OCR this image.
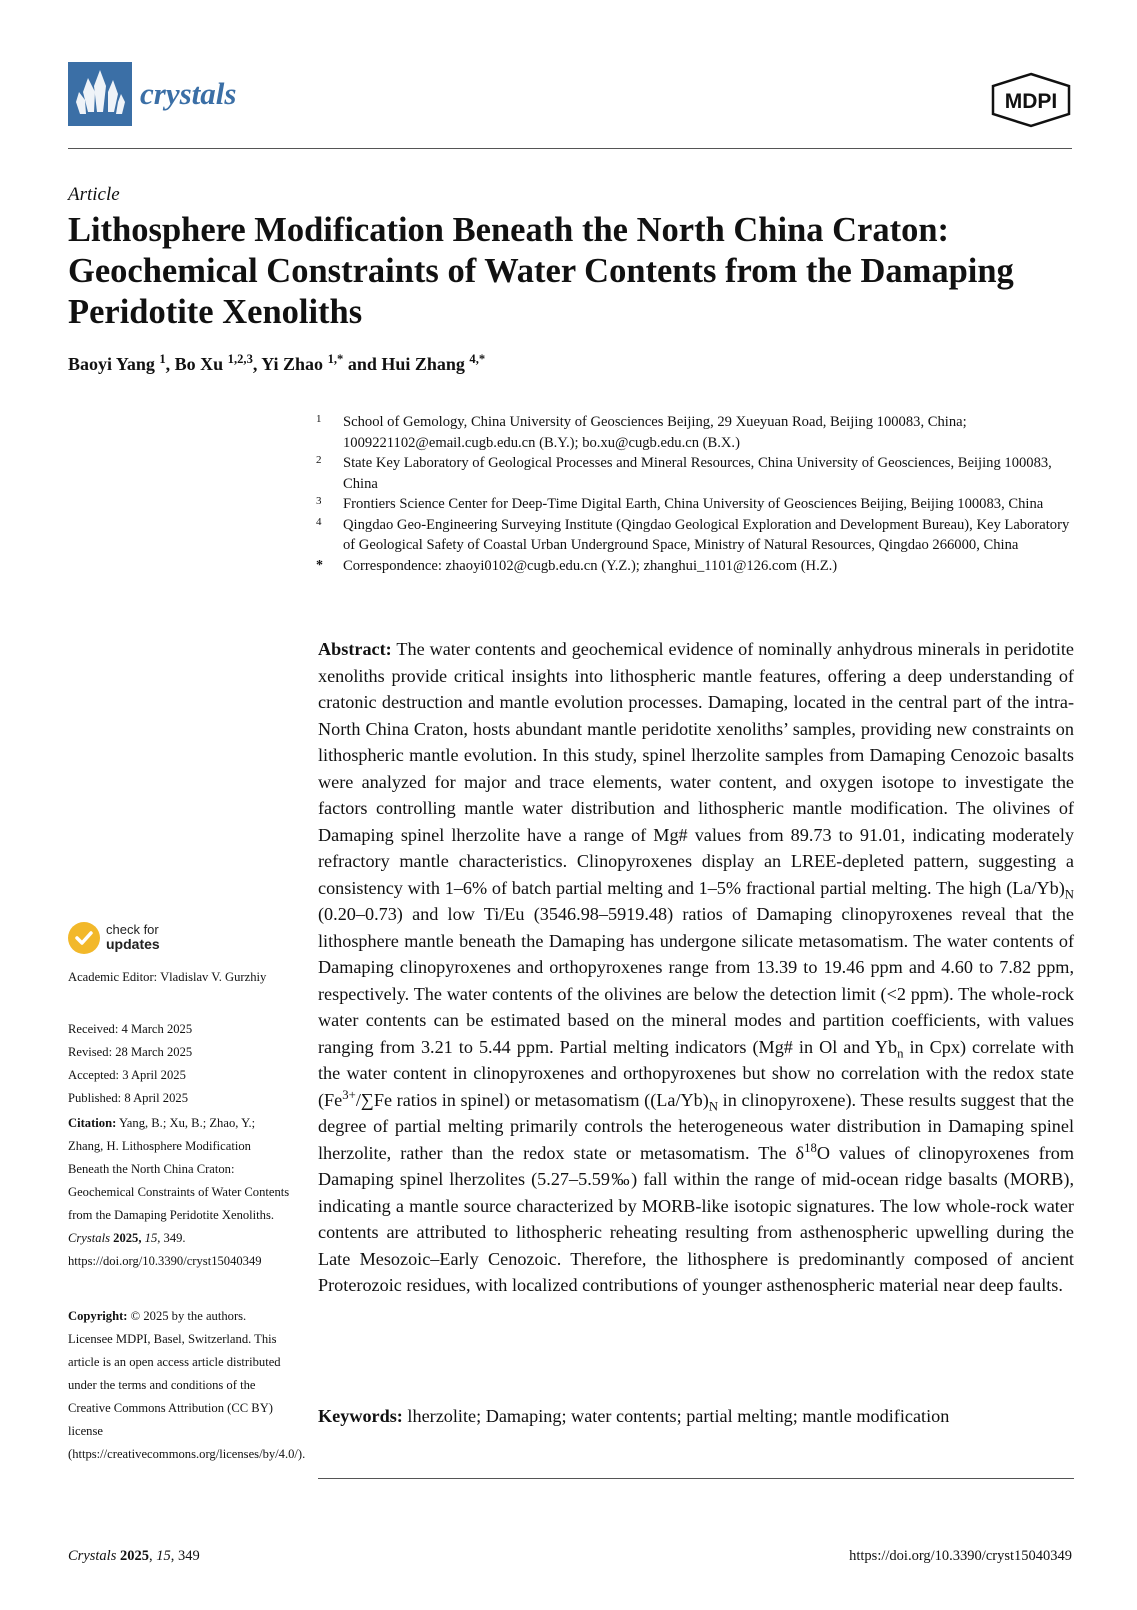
crystals	MDPI
Article
Lithosphere Modification Beneath the North China Craton: Geochemical Constraints of Water Contents from the Damaping Peridotite Xenoliths
Baoyi Yang $^1$, Bo Xu $^{1,2,3}$, Yi Zhao $^{1,*}$ and Hui Zhang $^{4,*}$
1 School of Gemology, China University of Geosciences Beijing, 29 Xueyuan Road, Beijing 100083, China; 1009221102@email.cugb.edu.cn (B.Y.); bo.xu@cugb.edu.cn (B.X.)
2 State Key Laboratory of Geological Processes and Mineral Resources, China University of Geosciences, Beijing 100083, China
3 Frontiers Science Center for Deep-Time Digital Earth, China University of Geosciences Beijing, Beijing 100083, China
4 Qingdao Geo-Engineering Surveying Institute (Qingdao Geological Exploration and Development Bureau), Key Laboratory of Geological Safety of Coastal Urban Underground Space, Ministry of Natural Resources, Qingdao 266000, China
* Correspondence: zhaoyi0102@cugb.edu.cn (Y.Z.); zhanghui_1101@126.com (H.Z.)

Abstract: The water contents and geochemical evidence of nominally anhydrous minerals in peridotite xenoliths provide critical insights into lithospheric mantle features, offering a deep understanding of cratonic destruction and mantle evolution processes. Damaping, located in the central part of the intra-North China Craton, hosts abundant mantle peridotite xenoliths’ samples, providing new constraints on lithospheric mantle evolution. In this study, spinel lherzolite samples from Damaping Cenozoic basalts were analyzed for major and trace elements, water content, and oxygen isotope to investigate the factors controlling mantle water distribution and lithospheric mantle modification. The olivines of Damaping spinel lherzolite have a range of Mg# values from 89.73 to 91.01, indicating moderately refractory mantle characteristics. Clinopyroxenes display an LREE-depleted pattern, suggesting a consistency with 1–6% of batch partial melting and 1–5% fractional partial melting. The high $(La/Yb)_N$ (0.20–0.73) and low Ti/Eu (3546.98–5919.48) ratios of Damaping clinopyroxenes reveal that the lithosphere mantle beneath the Damaping has undergone silicate metasomatism. The water contents of Damaping clinopyroxenes and orthopyroxenes range from 13.39 to 19.46 ppm and 4.60 to 7.82 ppm, respectively. The water contents of the olivines are below the detection limit (<2 ppm). The whole-rock water contents can be estimated based on the mineral modes and partition coefficients, with values ranging from 3.21 to 5.44 ppm. Partial melting indicators (Mg# in Ol and $Yb_n$ in Cpx) correlate with the water content in clinopyroxenes and orthopyroxenes but show no correlation with the redox state ($Fe^{3+}/\sum Fe$ ratios in spinel) or metasomatism ($(La/Yb)_N$ in clinopyroxene). These results suggest that the degree of partial melting primarily controls the heterogeneous water distribution in Damaping spinel lherzolite, rather than the redox state or metasomatism. The $\delta^{18}O$ values of clinopyroxenes from Damaping spinel lherzolites (5.27–5.59‰) fall within the range of mid-ocean ridge basalts (MORB), indicating a mantle source characterized by MORB-like isotopic signatures. The low whole-rock water contents are attributed to lithospheric reheating resulting from asthenospheric upwelling during the Late Mesozoic–Early Cenozoic. Therefore, the lithosphere is predominantly composed of ancient Proterozoic residues, with localized contributions of younger asthenospheric material near deep faults.

Keywords: lherzolite; Damaping; water contents; partial melting; mantle modification

check for
updates

Academic Editor: Vladislav V. Gurzhiy

Received: 4 March 2025
Revised: 28 March 2025
Accepted: 3 April 2025
Published: 8 April 2025

Citation: Yang, B.; Xu, B.; Zhao, Y.; Zhang, H. Lithosphere Modification Beneath the North China Craton: Geochemical Constraints of Water Contents from the Damaping Peridotite Xenoliths. Crystals 2025, 15, 349. https://doi.org/10.3390/cryst15040349

Copyright: © 2025 by the authors. Licensee MDPI, Basel, Switzerland. This article is an open access article distributed under the terms and conditions of the Creative Commons Attribution (CC BY) license (https://creativecommons.org/licenses/by/4.0/).

Crystals 2025, 15, 349	https://doi.org/10.3390/cryst15040349
